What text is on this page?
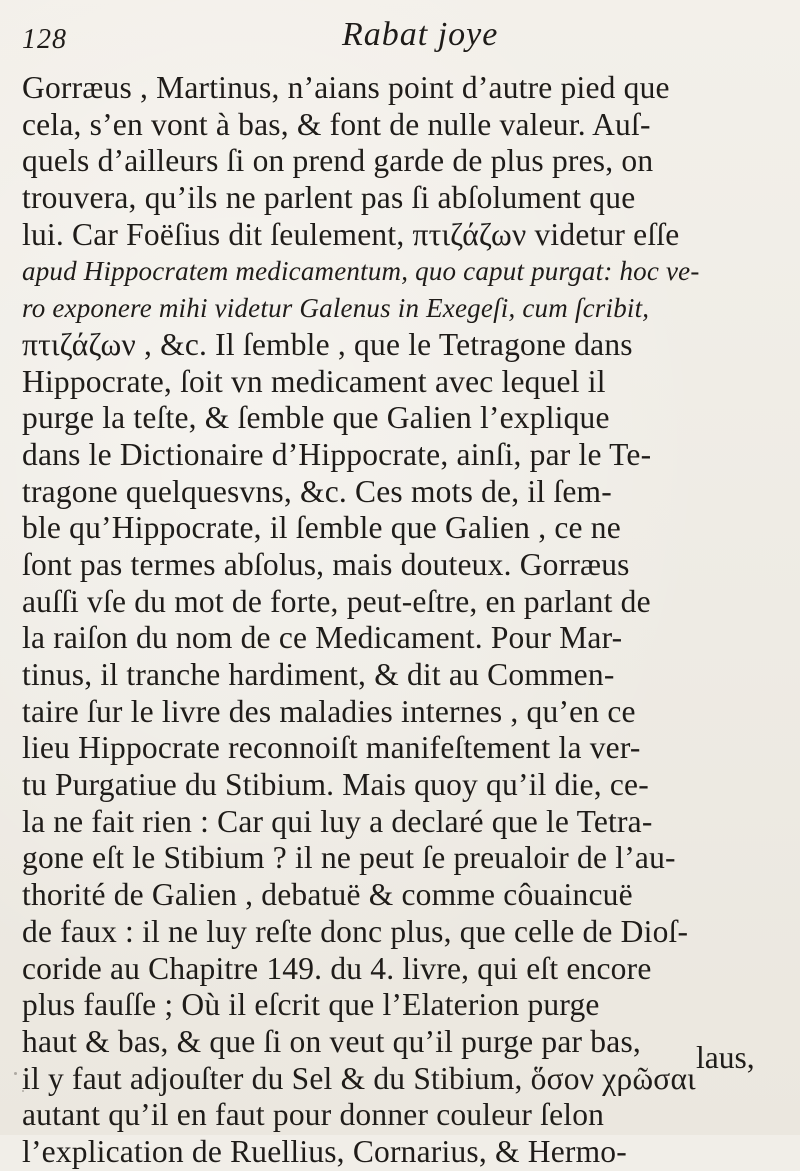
128	Rabat joye
Gorræus , Martinus, n’aians point d’autre pied que
cela, s’en vont à bas, & font de nulle valeur. Auſ-
quels d’ailleurs ſi on prend garde de plus pres, on
trouvera, qu’ils ne parlent pas ſi abſolument que
lui. Car Foëſius dit ſeulement, πτιζάζων videtur eſſe
apud Hippocratem medicamentum, quo caput purgat: hoc ve-
ro exponere mihi videtur Galenus in Exegeſi, cum ſcribit,
πτιζάζων , &c. Il ſemble , que le Tetragone dans
Hippocrate, ſoit vn medicament avec lequel il
purge la teſte, & ſemble que Galien l’explique
dans le Dictionaire d’Hippocrate, ainſi, par le Te-
tragone quelquesvns, &c. Ces mots de, il ſem-
ble qu’Hippocrate, il ſemble que Galien , ce ne
ſont pas termes abſolus, mais douteux. Gorræus
auſſi vſe du mot de forte, peut-eſtre, en parlant de
la raiſon du nom de ce Medicament. Pour Mar-
tinus, il tranche hardiment, & dit au Commen-
taire ſur le livre des maladies internes , qu’en ce
lieu Hippocrate reconnoiſt manifeſtement la ver-
tu Purgatiue du Stibium. Mais quoy qu’il die, ce-
la ne fait rien : Car qui luy a declaré que le Tetra-
gone eſt le Stibium ? il ne peut ſe preualoir de l’au-
thorité de Galien , debatuë & comme côuaincuë
de faux : il ne luy reſte donc plus, que celle de Dioſ-
coride au Chapitre 149. du 4. livre, qui eſt encore
plus fauſſe ; Où il eſcrit que l’Elaterion purge
haut & bas, & que ſi on veut qu’il purge par bas,
il y faut adjouſter du Sel & du Stibium, ὅσον χρῶσαι
autant qu’il en faut pour donner couleur ſelon
l’explication de Ruellius, Cornarius, & Hermo-
laus,
